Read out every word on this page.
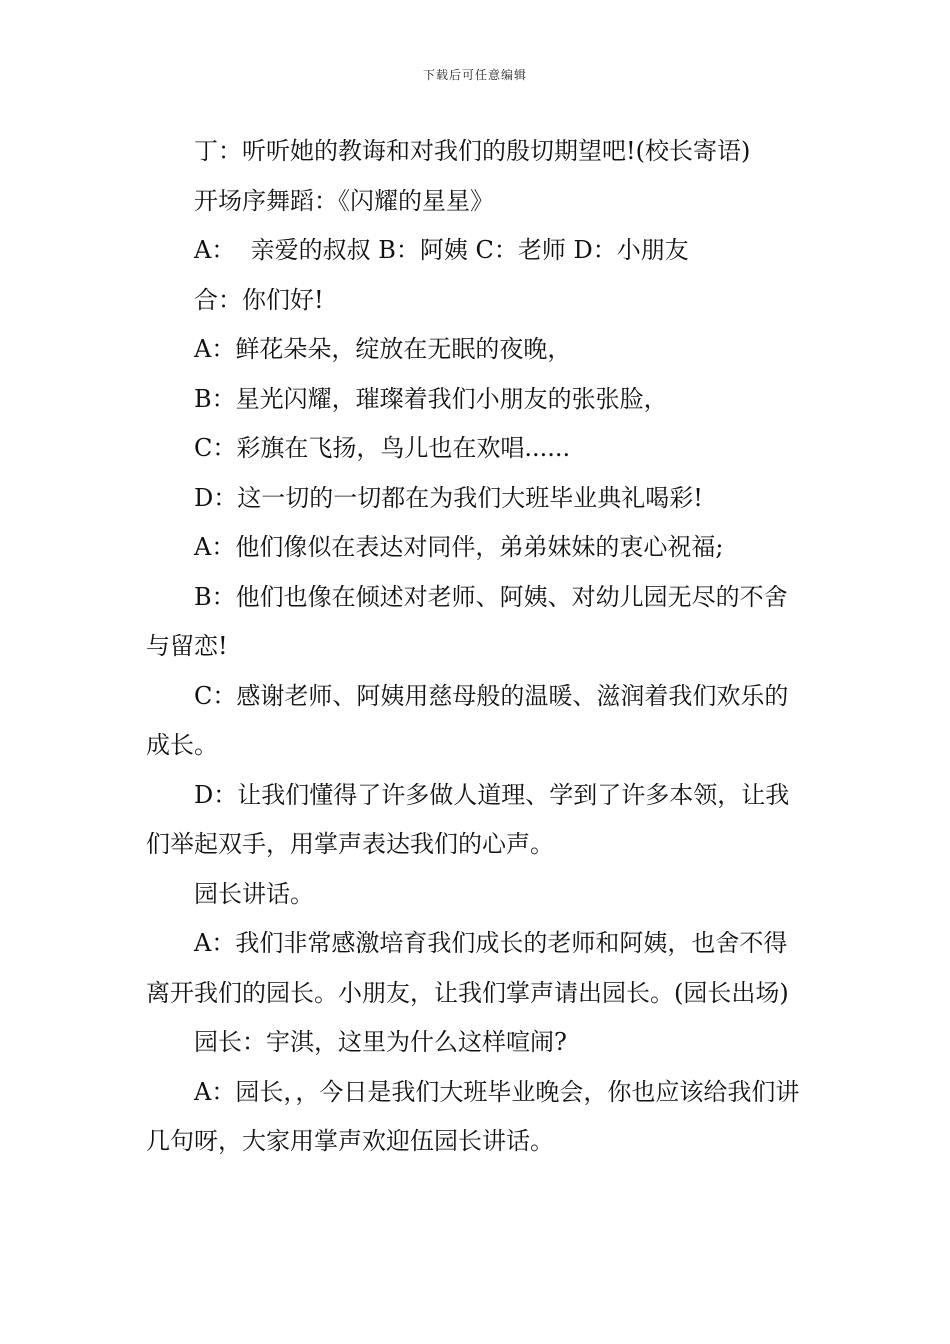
下载后可任意编辑

丁：听听她的教诲和对我们的殷切期望吧!(校长寄语)

开场序舞蹈：《闪耀的星星》

A：  亲爱的叔叔 B：阿姨 C：老师 D：小朋友

合：你们好!

A：鲜花朵朵，绽放在无眠的夜晚，

B：星光闪耀，璀璨着我们小朋友的张张脸，

C：彩旗在飞扬，鸟儿也在欢唱......

D：这一切的一切都在为我们大班毕业典礼喝彩!

A：他们像似在表达对同伴，弟弟妹妹的衷心祝福;

B：他们也像在倾述对老师、阿姨、对幼儿园无尽的不舍与留恋!

C：感谢老师、阿姨用慈母般的温暖、滋润着我们欢乐的成长。

D：让我们懂得了许多做人道理、学到了许多本领，让我们举起双手，用掌声表达我们的心声。

园长讲话。

A：我们非常感激培育我们成长的老师和阿姨，也舍不得离开我们的园长。小朋友，让我们掌声请出园长。(园长出场)

园长：宇淇，这里为什么这样喧闹?

A：园长，，今日是我们大班毕业晚会，你也应该给我们讲几句呀，大家用掌声欢迎伍园长讲话。
